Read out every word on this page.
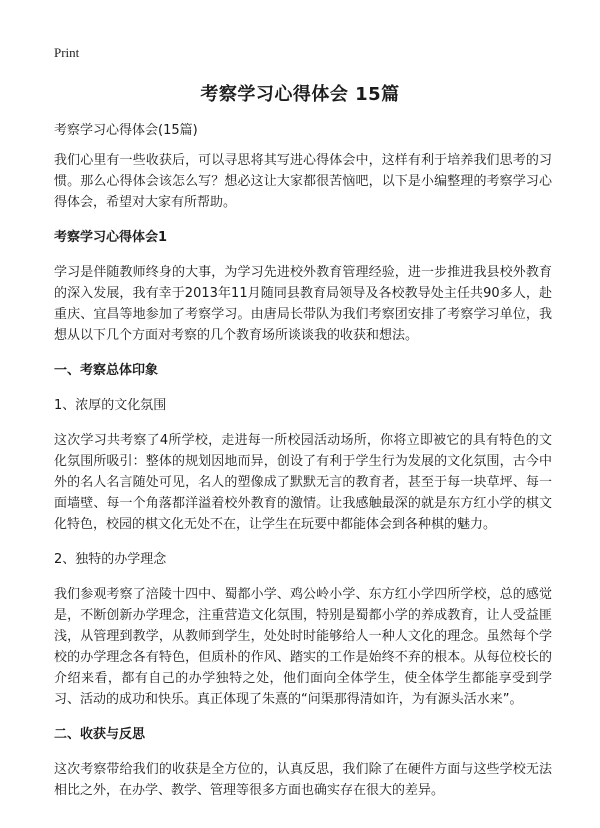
Print
考察学习心得体会 15篇

考察学习心得体会(15篇)

我们心里有一些收获后，可以寻思将其写进心得体会中，这样有利于培养我们思考的习惯。那么心得体会该怎么写？想必这让大家都很苦恼吧，以下是小编整理的考察学习心得体会，希望对大家有所帮助。

考察学习心得体会1

学习是伴随教师终身的大事，为学习先进校外教育管理经验，进一步推进我县校外教育的深入发展，我有幸于2013年11月随同县教育局领导及各校教导处主任共90多人，赴重庆、宜昌等地参加了考察学习。由唐局长带队为我们考察团安排了考察学习单位，我想从以下几个方面对考察的几个教育场所谈谈我的收获和想法。

一、考察总体印象

1、浓厚的文化氛围

这次学习共考察了4所学校，走进每一所校园活动场所，你将立即被它的具有特色的文化氛围所吸引：整体的规划因地而异，创设了有利于学生行为发展的文化氛围，古今中外的名人名言随处可见，名人的塑像成了默默无言的教育者，甚至于每一块草坪、每一面墙壁、每一个角落都洋溢着校外教育的激情。让我感触最深的就是东方红小学的棋文化特色，校园的棋文化无处不在，让学生在玩要中都能体会到各种棋的魅力。

2、独特的办学理念

我们参观考察了涪陵十四中、蜀都小学、鸡公岭小学、东方红小学四所学校，总的感觉是，不断创新办学理念，注重营造文化氛围，特别是蜀都小学的养成教育，让人受益匪浅，从管理到教学，从教师到学生，处处时时能够给人一种人文化的理念。虽然每个学校的办学理念各有特色，但质朴的作风、踏实的工作是始终不弃的根本。从每位校长的介绍来看，都有自己的办学独特之处，他们面向全体学生，使全体学生都能享受到学习、活动的成功和快乐。真正体现了朱熹的“问渠那得清如许，为有源头活水来”。

二、收获与反思

这次考察带给我们的收获是全方位的，认真反思，我们除了在硬件方面与这些学校无法相比之外，在办学、教学、管理等很多方面也确实存在很大的差异。
